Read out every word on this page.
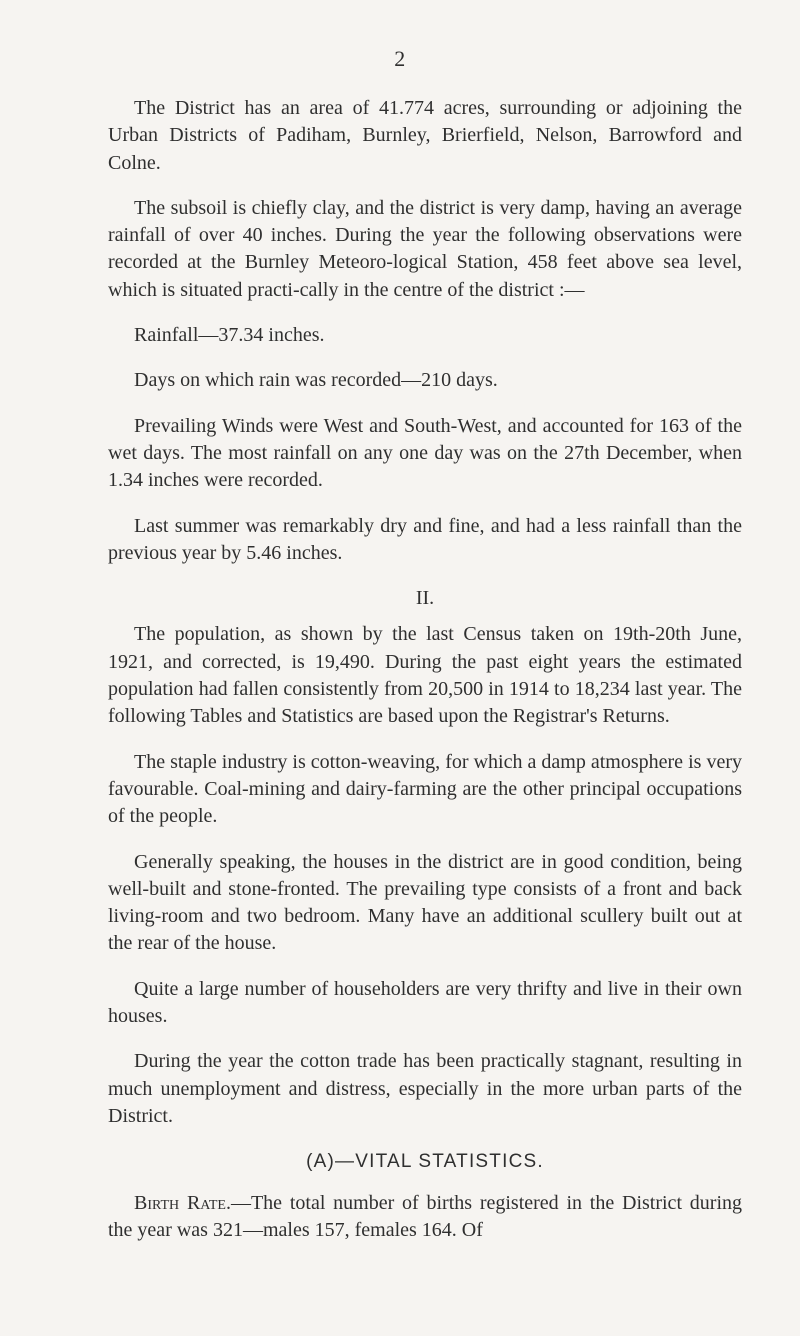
2

The District has an area of 41.774 acres, surrounding or adjoining the Urban Districts of Padiham, Burnley, Brierfield, Nelson, Barrowford and Colne.

The subsoil is chiefly clay, and the district is very damp, having an average rainfall of over 40 inches. During the year the following observations were recorded at the Burnley Meteoro-logical Station, 458 feet above sea level, which is situated practi-cally in the centre of the district :—

Rainfall—37.34 inches.

Days on which rain was recorded—210 days.

Prevailing Winds were West and South-West, and accounted for 163 of the wet days. The most rainfall on any one day was on the 27th December, when 1.34 inches were recorded.

Last summer was remarkably dry and fine, and had a less rainfall than the previous year by 5.46 inches.

II.

The population, as shown by the last Census taken on 19th-20th June, 1921, and corrected, is 19,490. During the past eight years the estimated population had fallen consistently from 20,500 in 1914 to 18,234 last year. The following Tables and Statistics are based upon the Registrar's Returns.

The staple industry is cotton-weaving, for which a damp atmosphere is very favourable. Coal-mining and dairy-farming are the other principal occupations of the people.

Generally speaking, the houses in the district are in good condition, being well-built and stone-fronted. The prevailing type consists of a front and back living-room and two bedroom. Many have an additional scullery built out at the rear of the house.

Quite a large number of householders are very thrifty and live in their own houses.

During the year the cotton trade has been practically stagnant, resulting in much unemployment and distress, especially in the more urban parts of the District.

(A)—VITAL STATISTICS.

Birth Rate.—The total number of births registered in the District during the year was 321—males 157, females 164. Of
